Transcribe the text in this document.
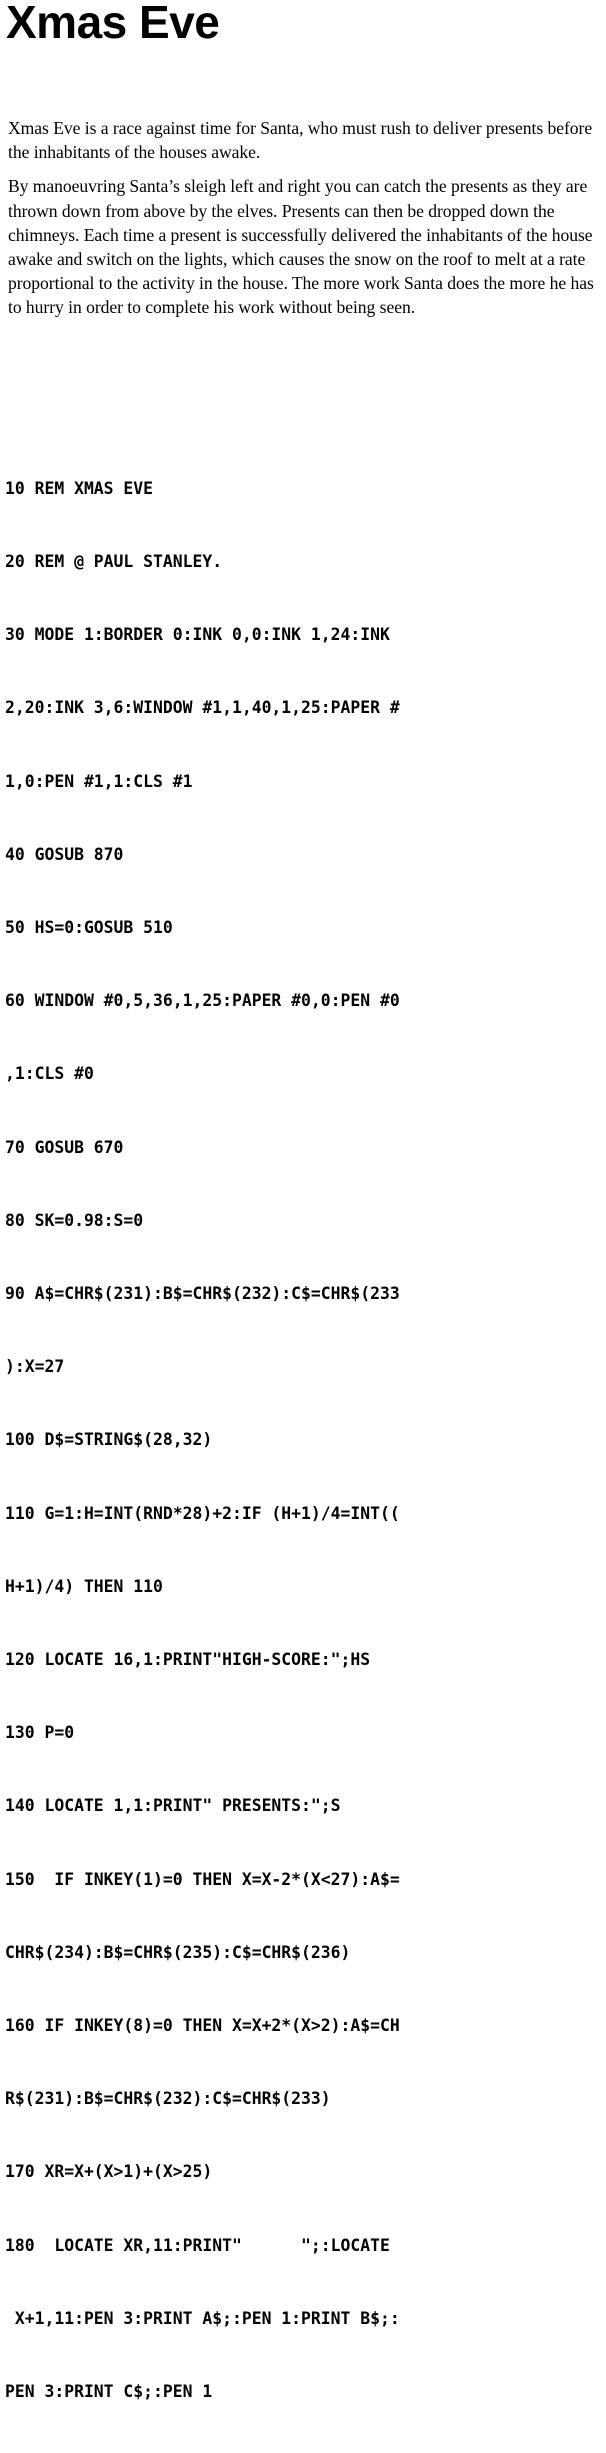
Xmas Eve

Xmas Eve is a race against time for Santa, who must rush to deliver presents before the inhabitants of the houses awake.

By manoeuvring Santa’s sleigh left and right you can catch the presents as they are thrown down from above by the elves. Presents can then be dropped down the chimneys. Each time a present is successfully delivered the inhabitants of the house awake and switch on the lights, which causes the snow on the roof to melt at a rate proportional to the activity in the house. The more work Santa does the more he has to hurry in order to complete his work without being seen.

10 REM XMAS EVE

20 REM @ PAUL STANLEY.

30 MODE 1:BORDER 0:INK 0,0:INK 1,24:INK

2,20:INK 3,6:WINDOW #1,1,40,1,25:PAPER #

1,0:PEN #1,1:CLS #1

40 GOSUB 870

50 HS=0:GOSUB 510

60 WINDOW #0,5,36,1,25:PAPER #0,0:PEN #0

,1:CLS #0

70 GOSUB 670

80 SK=0.98:S=0

90 A$=CHR$(231):B$=CHR$(232):C$=CHR$(233

):X=27

100 D$=STRING$(28,32)

110 G=1:H=INT(RND*28)+2:IF (H+1)/4=INT((

H+1)/4) THEN 110

120 LOCATE 16,1:PRINT"HIGH-SCORE:";HS

130 P=0

140 LOCATE 1,1:PRINT" PRESENTS:";S

150  IF INKEY(1)=0 THEN X=X-2*(X<27):A$=

CHR$(234):B$=CHR$(235):C$=CHR$(236)

160 IF INKEY(8)=0 THEN X=X+2*(X>2):A$=CH

R$(231):B$=CHR$(232):C$=CHR$(233)

170 XR=X+(X>1)+(X>25)

180  LOCATE XR,11:PRINT"      ";:LOCATE

X+1,11:PEN 3:PRINT A$;:PEN 1:PRINT B$;:

PEN 3:PRINT C$;:PEN 1
